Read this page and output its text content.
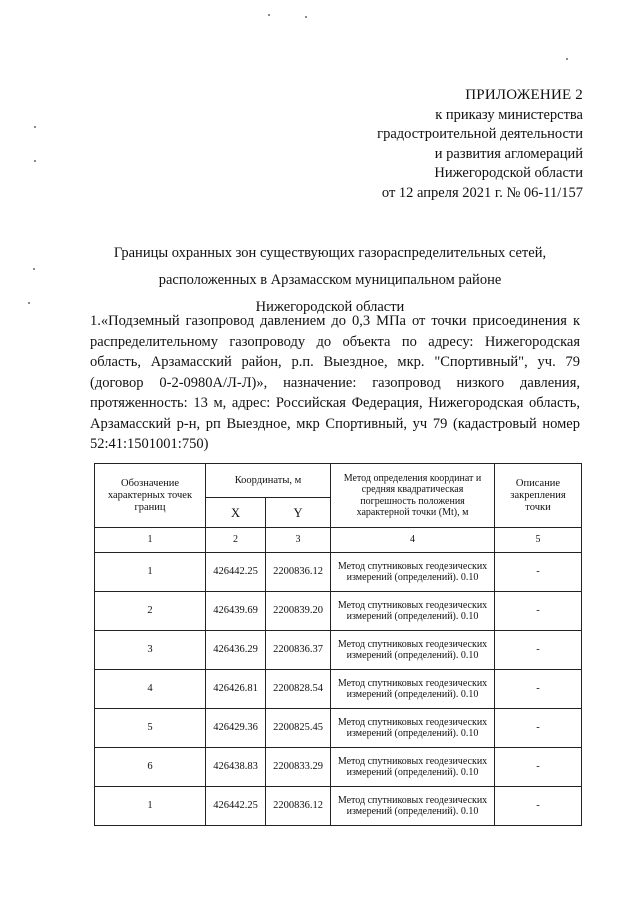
ПРИЛОЖЕНИЕ 2
к приказу министерства
градостроительной деятельности
и развития агломераций
Нижегородской области
от 12 апреля 2021 г. № 06-11/157
Границы охранных зон существующих газораспределительных сетей,
расположенных в Арзамасском муниципальном районе
Нижегородской области
1.«Подземный газопровод давлением до 0,3 МПа от точки присоединения к распределительному газопроводу до объекта по адресу: Нижегородская область, Арзамасский район, р.п. Выездное, мкр. "Спортивный", уч. 79 (договор 0-2-0980А/Л-Л)», назначение: газопровод низкого давления, протяженность: 13 м, адрес: Российская Федерация, Нижегородская область, Арзамасский р-н, рп Выездное, мкр Спортивный, уч 79 (кадастровый номер 52:41:1501001:750)
Обозначение характерных точек границ	Координаты, м		Метод определения координат и средняя квадратическая погрешность положения характерной точки (Mt), м	Описание закрепления точки
	X	Y		
1	2	3	4	5
1	426442.25	2200836.12	Метод спутниковых геодезических измерений (определений). 0.10	-
2	426439.69	2200839.20	Метод спутниковых геодезических измерений (определений). 0.10	-
3	426436.29	2200836.37	Метод спутниковых геодезических измерений (определений). 0.10	-
4	426426.81	2200828.54	Метод спутниковых геодезических измерений (определений). 0.10	-
5	426429.36	2200825.45	Метод спутниковых геодезических измерений (определений). 0.10	-
6	426438.83	2200833.29	Метод спутниковых геодезических измерений (определений). 0.10	-
1	426442.25	2200836.12	Метод спутниковых геодезических измерений (определений). 0.10	-
